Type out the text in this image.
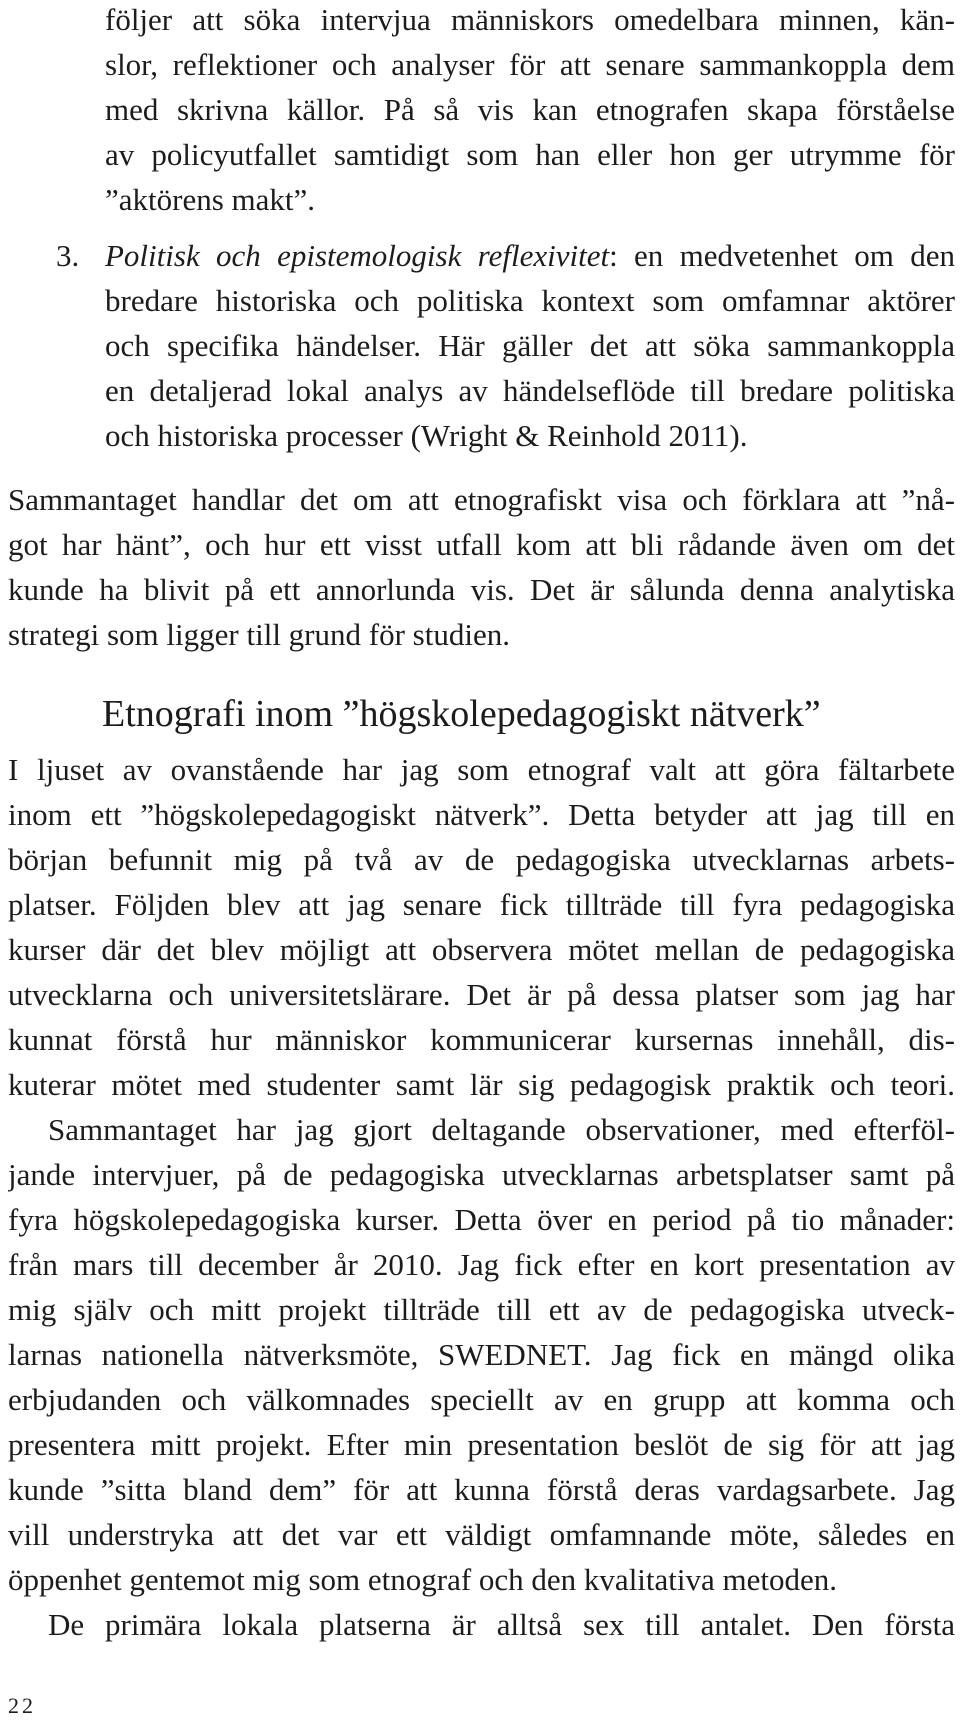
följer att söka intervjua människors omedelbara minnen, kän-
slor, reflektioner och analyser för att senare sammankoppla dem
med skrivna källor. På så vis kan etnografen skapa förståelse
av policyutfallet samtidigt som han eller hon ger utrymme för
”aktörens makt”.
3. Politisk och epistemologisk reflexivitet: en medvetenhet om den
bredare historiska och politiska kontext som omfamnar aktörer
och specifika händelser. Här gäller det att söka sammankoppla
en detaljerad lokal analys av händelseflöde till bredare politiska
och historiska processer (Wright & Reinhold 2011).
Sammantaget handlar det om att etnografiskt visa och förklara att ”nå-
got har hänt”, och hur ett visst utfall kom att bli rådande även om det
kunde ha blivit på ett annorlunda vis. Det är sålunda denna analytiska
strategi som ligger till grund för studien.
Etnografi inom ”högskolepedagogiskt nätverk”
I ljuset av ovanstående har jag som etnograf valt att göra fältarbete
inom ett ”högskolepedagogiskt nätverk”. Detta betyder att jag till en
början befunnit mig på två av de pedagogiska utvecklarnas arbets-
platser. Följden blev att jag senare fick tillträde till fyra pedagogiska
kurser där det blev möjligt att observera mötet mellan de pedagogiska
utvecklarna och universitetslärare. Det är på dessa platser som jag har
kunnat förstå hur människor kommunicerar kursernas innehåll, dis-
kuterar mötet med studenter samt lär sig pedagogisk praktik och teori.
Sammantaget har jag gjort deltagande observationer, med efterföl-
jande intervjuer, på de pedagogiska utvecklarnas arbetsplatser samt på
fyra högskolepedagogiska kurser. Detta över en period på tio månader:
från mars till december år 2010. Jag fick efter en kort presentation av
mig själv och mitt projekt tillträde till ett av de pedagogiska utveck-
larnas nationella nätverksmöte, SWEDNET. Jag fick en mängd olika
erbjudanden och välkomnades speciellt av en grupp att komma och
presentera mitt projekt. Efter min presentation beslöt de sig för att jag
kunde ”sitta bland dem” för att kunna förstå deras vardagsarbete. Jag
vill understryka att det var ett väldigt omfamnande möte, således en
öppenhet gentemot mig som etnograf och den kvalitativa metoden.
De primära lokala platserna är alltså sex till antalet. Den första
22
